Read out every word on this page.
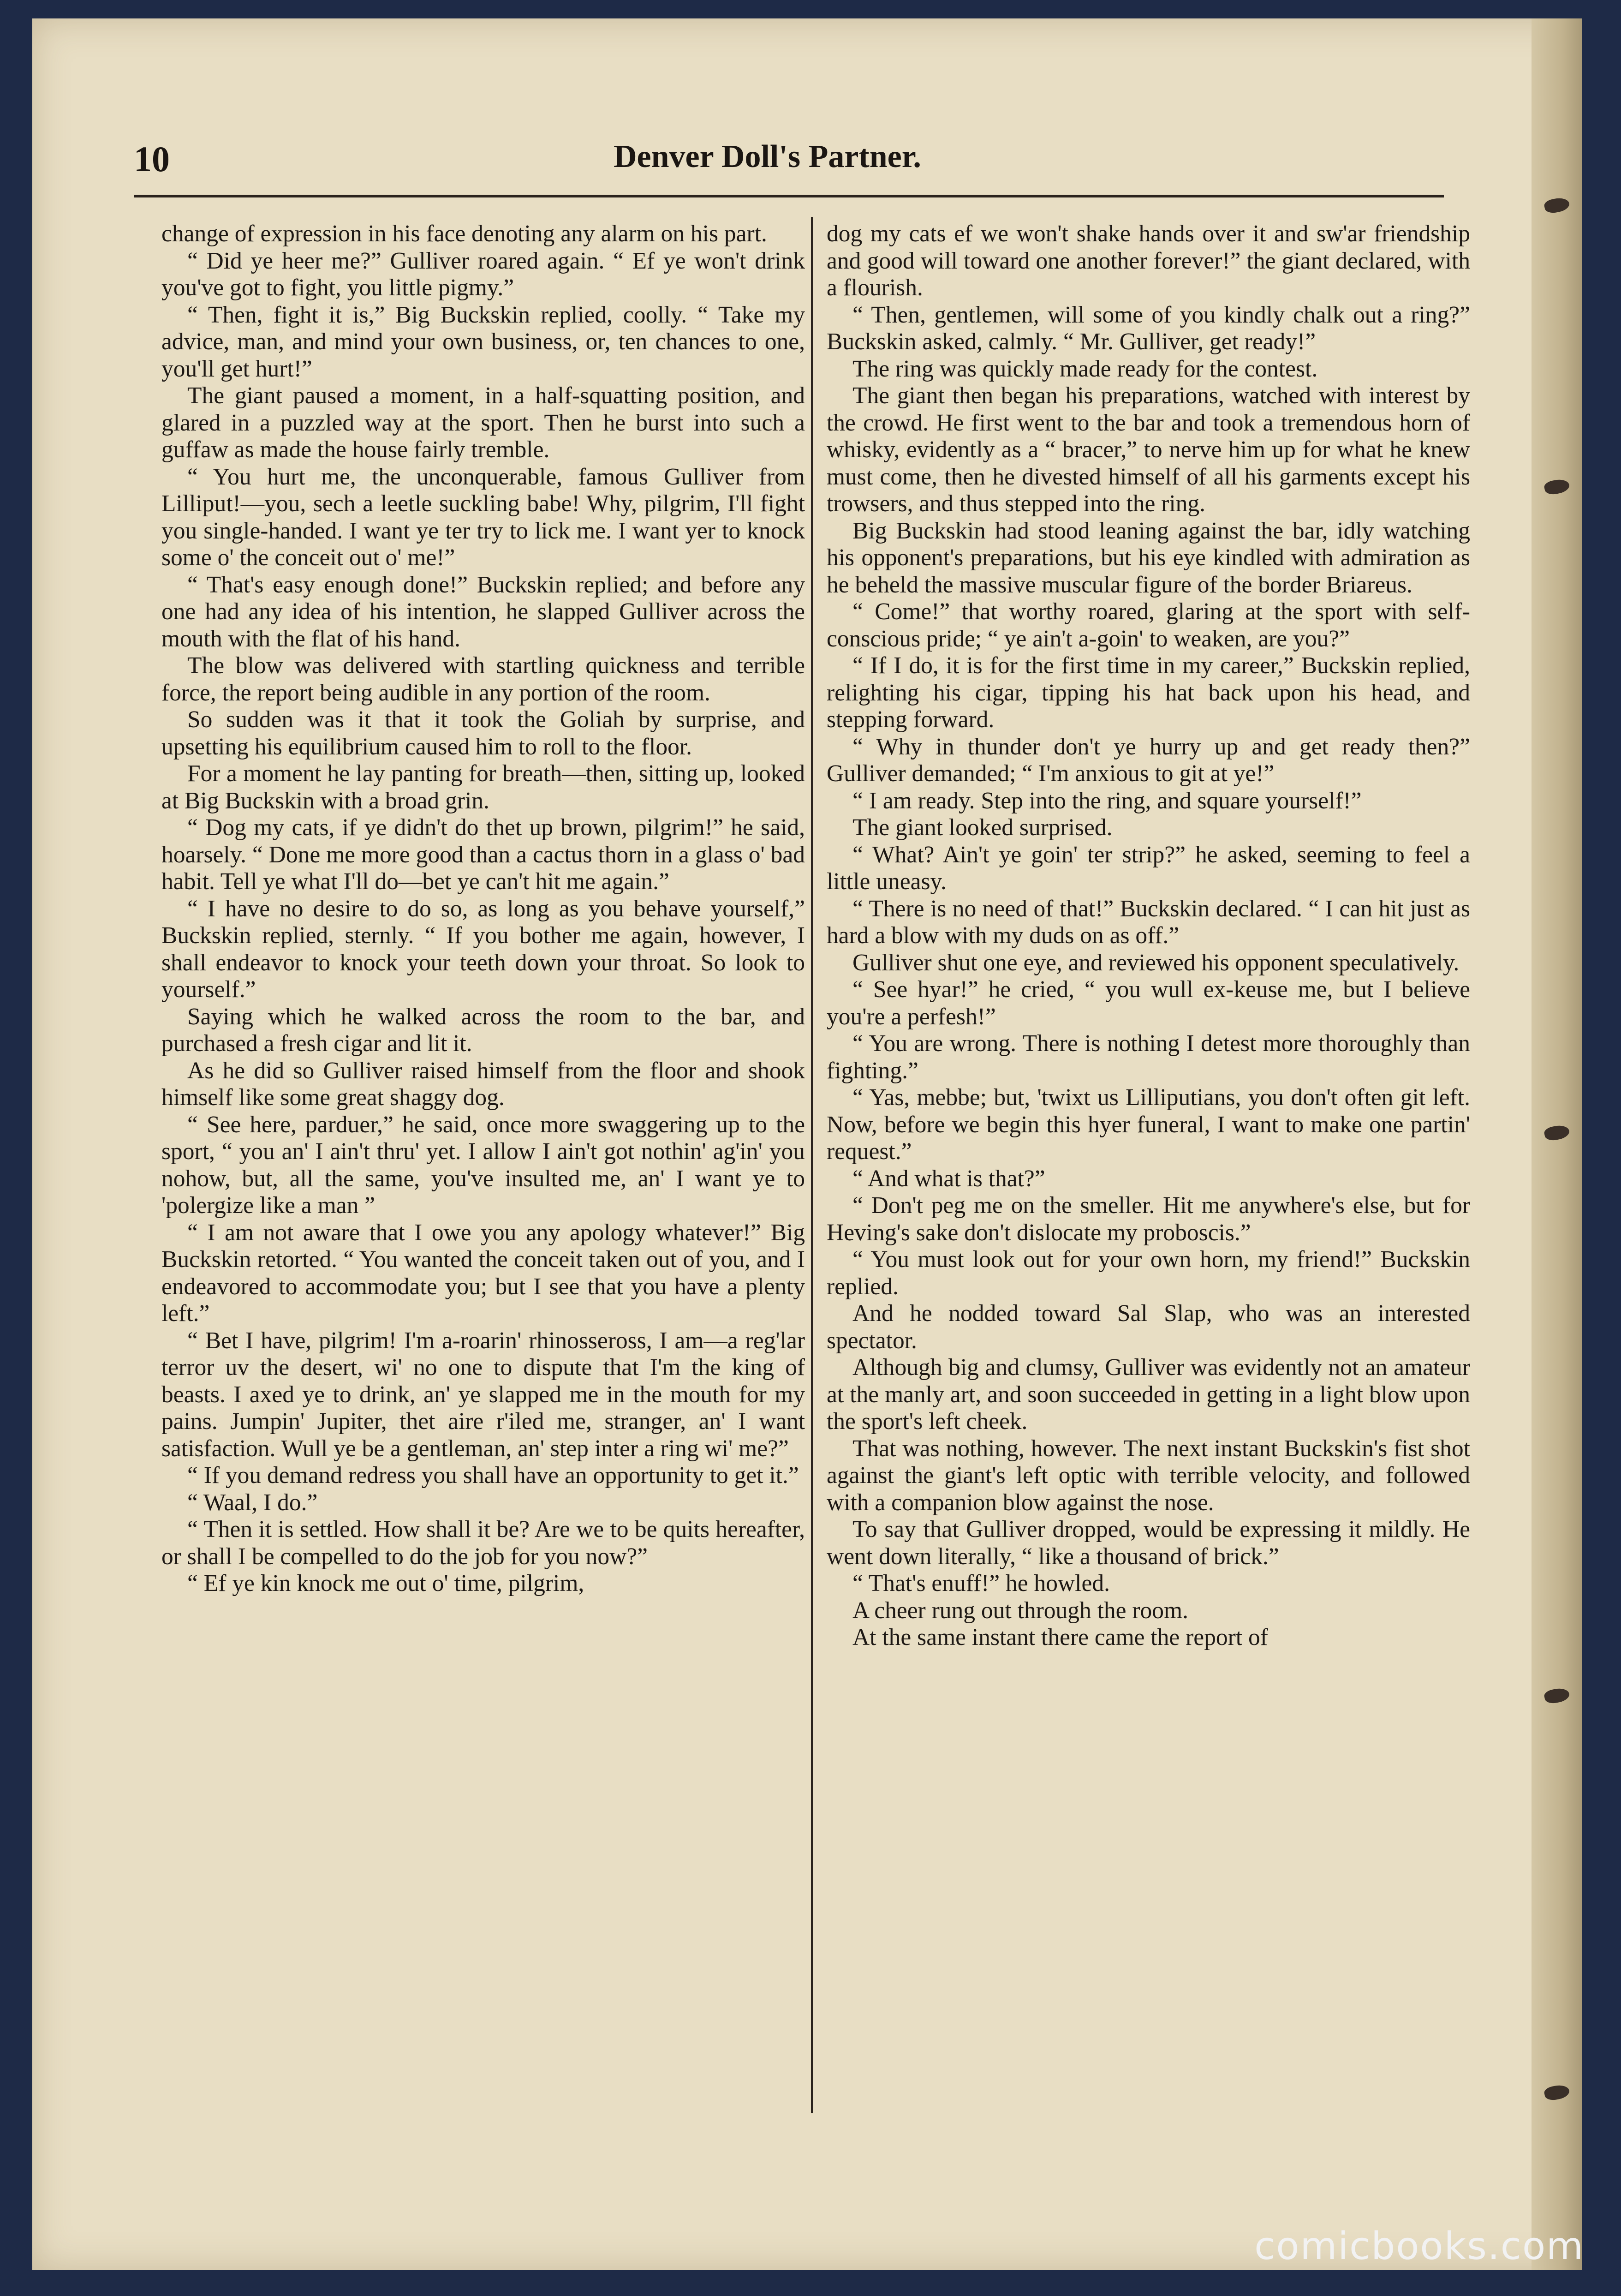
10	Denver Doll's Partner.

change of expression in his face denoting any alarm on his part.

“ Did ye heer me?” Gulliver roared again. “ Ef ye won't drink you've got to fight, you little pigmy.”

“ Then, fight it is,” Big Buckskin replied, coolly. “ Take my advice, man, and mind your own business, or, ten chances to one, you'll get hurt!”

The giant paused a moment, in a half-squatting position, and glared in a puzzled way at the sport. Then he burst into such a guffaw as made the house fairly tremble.

“ You hurt me, the unconquerable, famous Gulliver from Lilliput!—you, sech a leetle suckling babe! Why, pilgrim, I'll fight you single-handed. I want ye ter try to lick me. I want yer to knock some o' the conceit out o' me!”

“ That's easy enough done!” Buckskin replied; and before any one had any idea of his intention, he slapped Gulliver across the mouth with the flat of his hand.

The blow was delivered with startling quickness and terrible force, the report being audible in any portion of the room.

So sudden was it that it took the Goliah by surprise, and upsetting his equilibrium caused him to roll to the floor.

For a moment he lay panting for breath—then, sitting up, looked at Big Buckskin with a broad grin.

“ Dog my cats, if ye didn't do thet up brown, pilgrim!” he said, hoarsely. “ Done me more good than a cactus thorn in a glass o' bad habit. Tell ye what I'll do—bet ye can't hit me again.”

“ I have no desire to do so, as long as you behave yourself,” Buckskin replied, sternly. “ If you bother me again, however, I shall endeavor to knock your teeth down your throat. So look to yourself.”

Saying which he walked across the room to the bar, and purchased a fresh cigar and lit it.

As he did so Gulliver raised himself from the floor and shook himself like some great shaggy dog.

“ See here, parduer,” he said, once more swaggering up to the sport, “ you an' I ain't thru' yet. I allow I ain't got nothin' ag'in' you nohow, but, all the same, you've insulted me, an' I want ye to 'polergize like a man ”

“ I am not aware that I owe you any apology whatever!” Big Buckskin retorted. “ You wanted the conceit taken out of you, and I endeavored to accommodate you; but I see that you have a plenty left.”

“ Bet I have, pilgrim! I'm a-roarin' rhinosseross, I am—a reg'lar terror uv the desert, wi' no one to dispute that I'm the king of beasts. I axed ye to drink, an' ye slapped me in the mouth for my pains. Jumpin' Jupiter, thet aire r'iled me, stranger, an' I want satisfaction. Wull ye be a gentleman, an' step inter a ring wi' me?”

“ If you demand redress you shall have an opportunity to get it.”

“ Waal, I do.”

“ Then it is settled. How shall it be? Are we to be quits hereafter, or shall I be compelled to do the job for you now?”

“ Ef ye kin knock me out o' time, pilgrim,

dog my cats ef we won't shake hands over it and sw'ar friendship and good will toward one another forever!” the giant declared, with a flourish.

“ Then, gentlemen, will some of you kindly chalk out a ring?” Buckskin asked, calmly. “ Mr. Gulliver, get ready!”

The ring was quickly made ready for the contest.

The giant then began his preparations, watched with interest by the crowd. He first went to the bar and took a tremendous horn of whisky, evidently as a “ bracer,” to nerve him up for what he knew must come, then he divested himself of all his garments except his trowsers, and thus stepped into the ring.

Big Buckskin had stood leaning against the bar, idly watching his opponent's preparations, but his eye kindled with admiration as he beheld the massive muscular figure of the border Briareus.

“ Come!” that worthy roared, glaring at the sport with self-conscious pride; “ ye ain't a-goin' to weaken, are you?”

“ If I do, it is for the first time in my career,” Buckskin replied, relighting his cigar, tipping his hat back upon his head, and stepping forward.

“ Why in thunder don't ye hurry up and get ready then?” Gulliver demanded; “ I'm anxious to git at ye!”

“ I am ready. Step into the ring, and square yourself!”

The giant looked surprised.

“ What? Ain't ye goin' ter strip?” he asked, seeming to feel a little uneasy.

“ There is no need of that!” Buckskin declared. “ I can hit just as hard a blow with my duds on as off.”

Gulliver shut one eye, and reviewed his opponent speculatively.

“ See hyar!” he cried, “ you wull ex-keuse me, but I believe you're a perfesh!”

“ You are wrong. There is nothing I detest more thoroughly than fighting.”

“ Yas, mebbe; but, 'twixt us Lilliputians, you don't often git left. Now, before we begin this hyer funeral, I want to make one partin' request.”

“ And what is that?”

“ Don't peg me on the smeller. Hit me anywhere's else, but for Heving's sake don't dislocate my proboscis.”

“ You must look out for your own horn, my friend!” Buckskin replied.

And he nodded toward Sal Slap, who was an interested spectator.

Although big and clumsy, Gulliver was evidently not an amateur at the manly art, and soon succeeded in getting in a light blow upon the sport's left cheek.

That was nothing, however. The next instant Buckskin's fist shot against the giant's left optic with terrible velocity, and followed with a companion blow against the nose.

To say that Gulliver dropped, would be expressing it mildly. He went down literally, “ like a thousand of brick.”

“ That's enuff!” he howled.

A cheer rung out through the room.

At the same instant there came the report of

comicbooks.com
